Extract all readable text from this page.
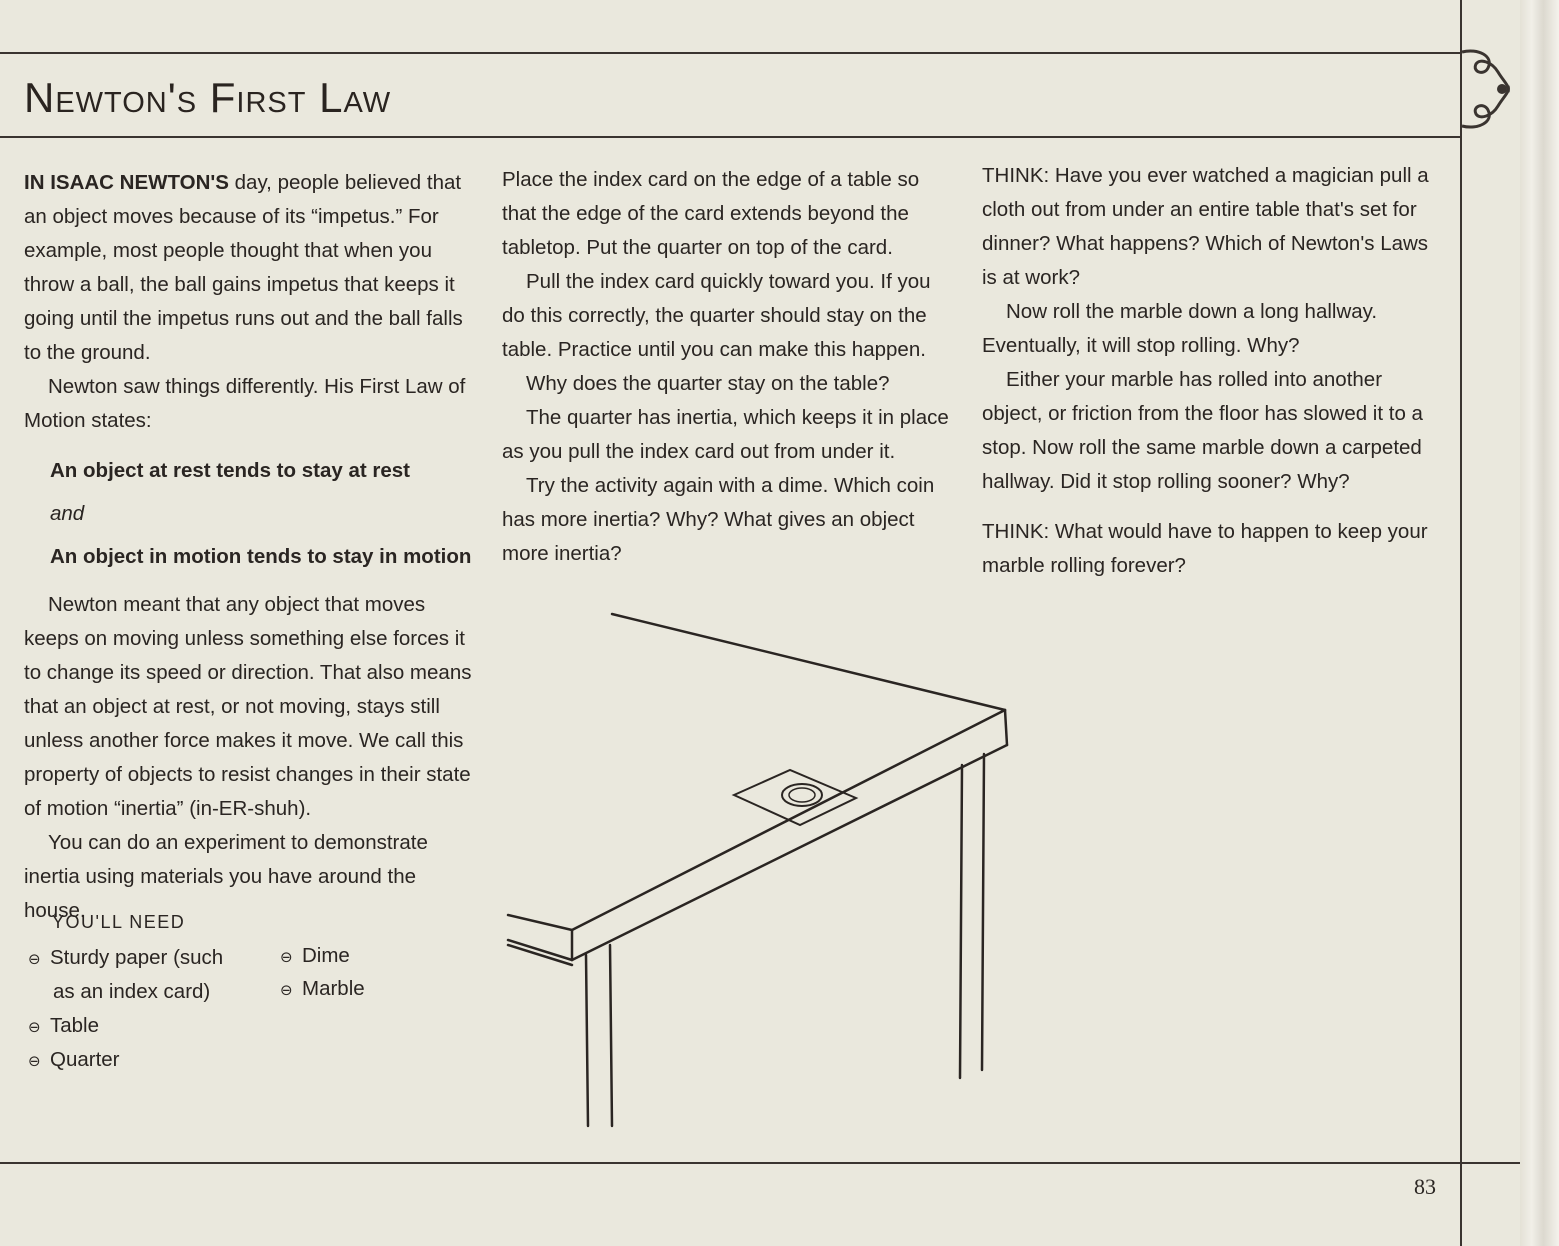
Newton's First Law

IN ISAAC NEWTON'S day, people believed that an object moves because of its “impetus.” For example, most people thought that when you throw a ball, the ball gains impetus that keeps it going until the impetus runs out and the ball falls to the ground.

Newton saw things differently. His First Law of Motion states:

An object at rest tends to stay at rest

and

An object in motion tends to stay in motion

Newton meant that any object that moves keeps on moving unless something else forces it to change its speed or direction. That also means that an object at rest, or not moving, stays still unless another force makes it move. We call this property of objects to resist changes in their state of motion “inertia” (in-ER-shuh).

You can do an experiment to demonstrate inertia using materials you have around the house.

YOU'LL NEED
⊖ Sturdy paper (such
as an index card)
⊖ Table
⊖ Quarter
⊖ Dime
⊖ Marble

Place the index card on the edge of a table so that the edge of the card extends beyond the tabletop. Put the quarter on top of the card.

Pull the index card quickly toward you. If you do this correctly, the quarter should stay on the table. Practice until you can make this happen.

Why does the quarter stay on the table?

The quarter has inertia, which keeps it in place as you pull the index card out from under it.

Try the activity again with a dime. Which coin has more inertia? Why? What gives an object more inertia?

THINK: Have you ever watched a magician pull a cloth out from under an entire table that's set for dinner? What happens? Which of Newton's Laws is at work?

Now roll the marble down a long hallway. Eventually, it will stop rolling. Why?

Either your marble has rolled into another object, or friction from the floor has slowed it to a stop. Now roll the same marble down a carpeted hallway. Did it stop rolling sooner? Why?

THINK: What would have to happen to keep your marble rolling forever?

83
